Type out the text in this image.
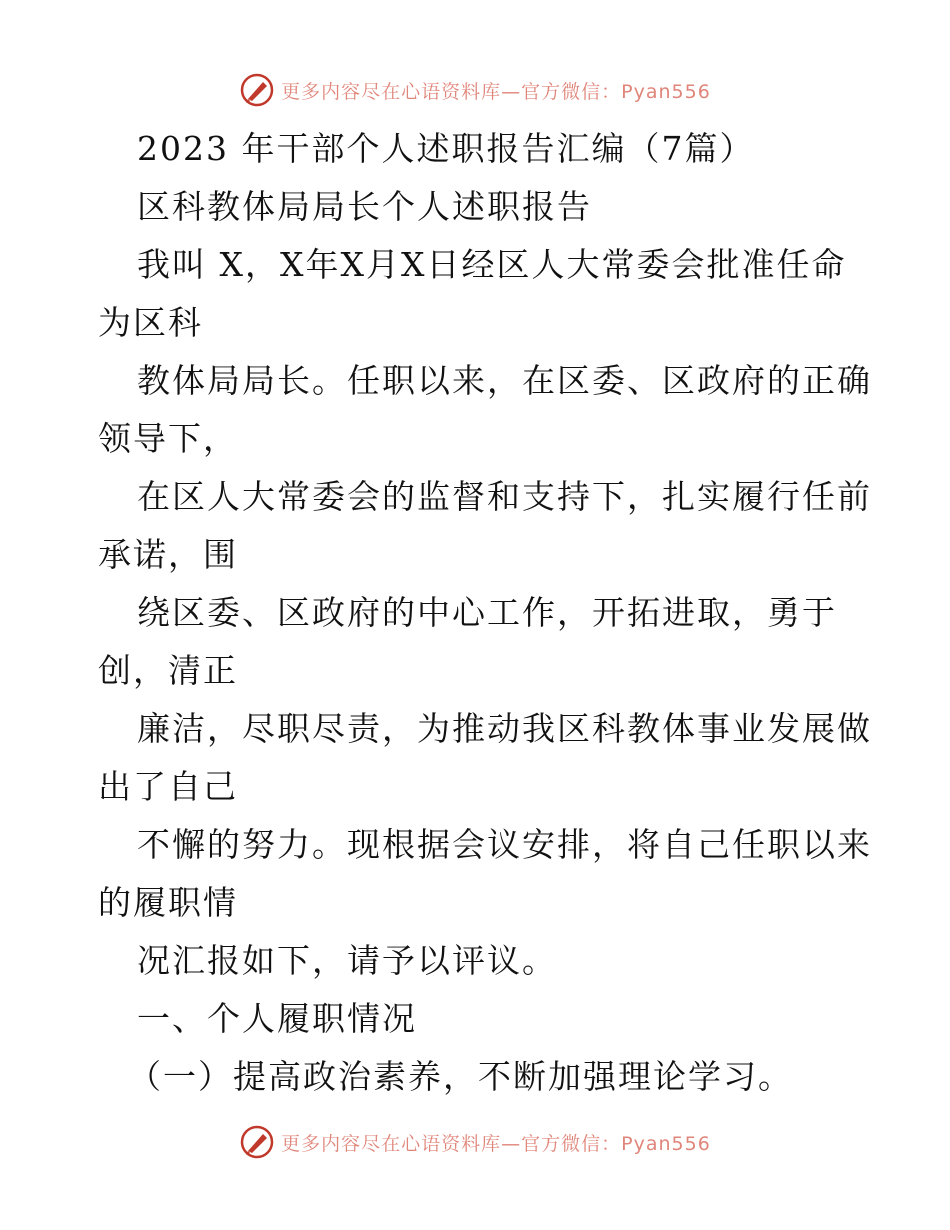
更多内容尽在心语资料库—官方微信：Pyan556
2023 年干部个人述职报告汇编（7篇）
区科教体局局长个人述职报告
我叫 X，X年X月X日经区人大常委会批准任命
为区科
教体局局长。任职以来，在区委、区政府的正确
领导下，
在区人大常委会的监督和支持下，扎实履行任前
承诺，围
绕区委、区政府的中心工作，开拓进取，勇于
创，清正
廉洁，尽职尽责，为推动我区科教体事业发展做
出了自己
不懈的努力。现根据会议安排，将自己任职以来
的履职情
况汇报如下，请予以评议。
一、个人履职情况
（一）提高政治素养，不断加强理论学习。
更多内容尽在心语资料库—官方微信：Pyan556
